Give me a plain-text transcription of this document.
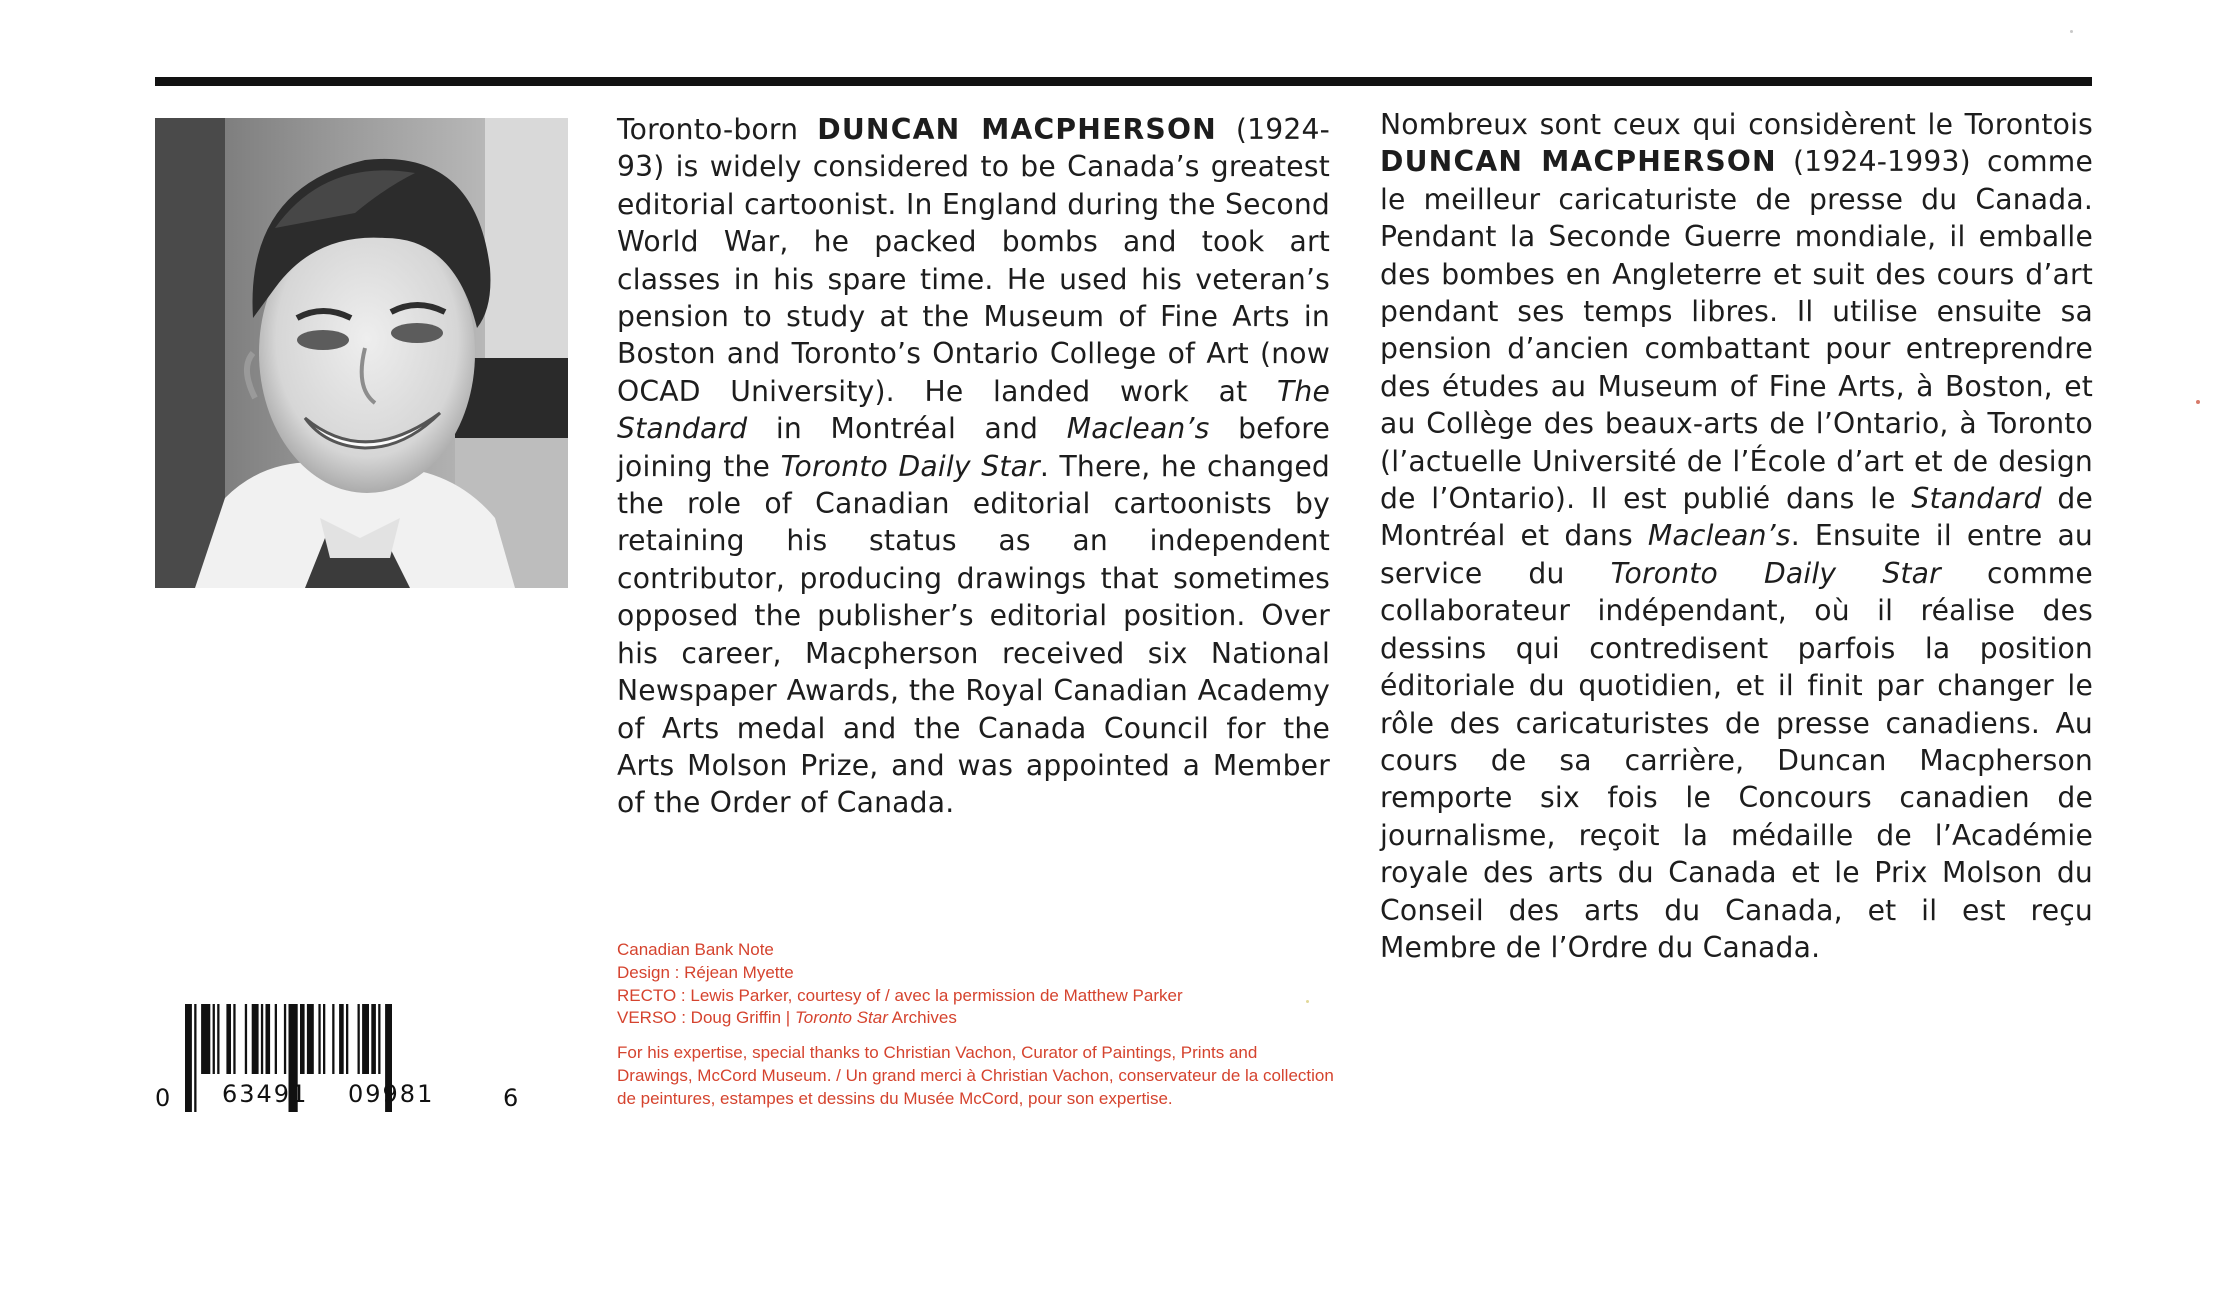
Toronto-born DUNCAN MACPHERSON (1924-93) is widely considered to be Canada’s greatest editorial cartoonist. In England during the Second World War, he packed bombs and took art classes in his spare time. He used his veteran’s pension to study at the Museum of Fine Arts in Boston and Toronto’s Ontario College of Art (now OCAD University). He landed work at The Standard in Montréal and Maclean’s before joining the Toronto Daily Star. There, he changed the role of Canadian editorial cartoonists by retaining his status as an independent contributor, producing drawings that sometimes opposed the publisher’s editorial position. Over his career, Macpherson received six National Newspaper Awards, the Royal Canadian Academy of Arts medal and the Canada Council for the Arts Molson Prize, and was appointed a Member of the Order of Canada.
Nombreux sont ceux qui considèrent le Torontois DUNCAN MACPHERSON (1924-1993) comme le meilleur caricaturiste de presse du Canada. Pendant la Seconde Guerre mondiale, il emballe des bombes en Angleterre et suit des cours d’art pendant ses temps libres. Il utilise ensuite sa pension d’ancien combattant pour entreprendre des études au Museum of Fine Arts, à Boston, et au Collège des beaux-arts de l’Ontario, à Toronto (l’actuelle Université de l’École d’art et de design de l’Ontario). Il est publié dans le Standard de Montréal et dans Maclean’s. Ensuite il entre au service du Toronto Daily Star comme collaborateur indépendant, où il réalise des dessins qui contredisent parfois la position éditoriale du quotidien, et il finit par changer le rôle des caricaturistes de presse canadiens. Au cours de sa carrière, Duncan Macpherson remporte six fois le Concours canadien de journalisme, reçoit la médaille de l’Académie royale des arts du Canada et le Prix Molson du Conseil des arts du Canada, et il est reçu Membre de l’Ordre du Canada.
Canadian Bank Note
Design : Réjean Myette
RECTO : Lewis Parker, courtesy of / avec la permission de Matthew Parker
VERSO : Doug Griffin | Toronto Star Archives
For his expertise, special thanks to Christian Vachon, Curator of Paintings, Prints and Drawings, McCord Museum. / Un grand merci à Christian Vachon, conservateur de la collection de peintures, estampes et dessins du Musée McCord, pour son expertise.
0 63491 09981	6
